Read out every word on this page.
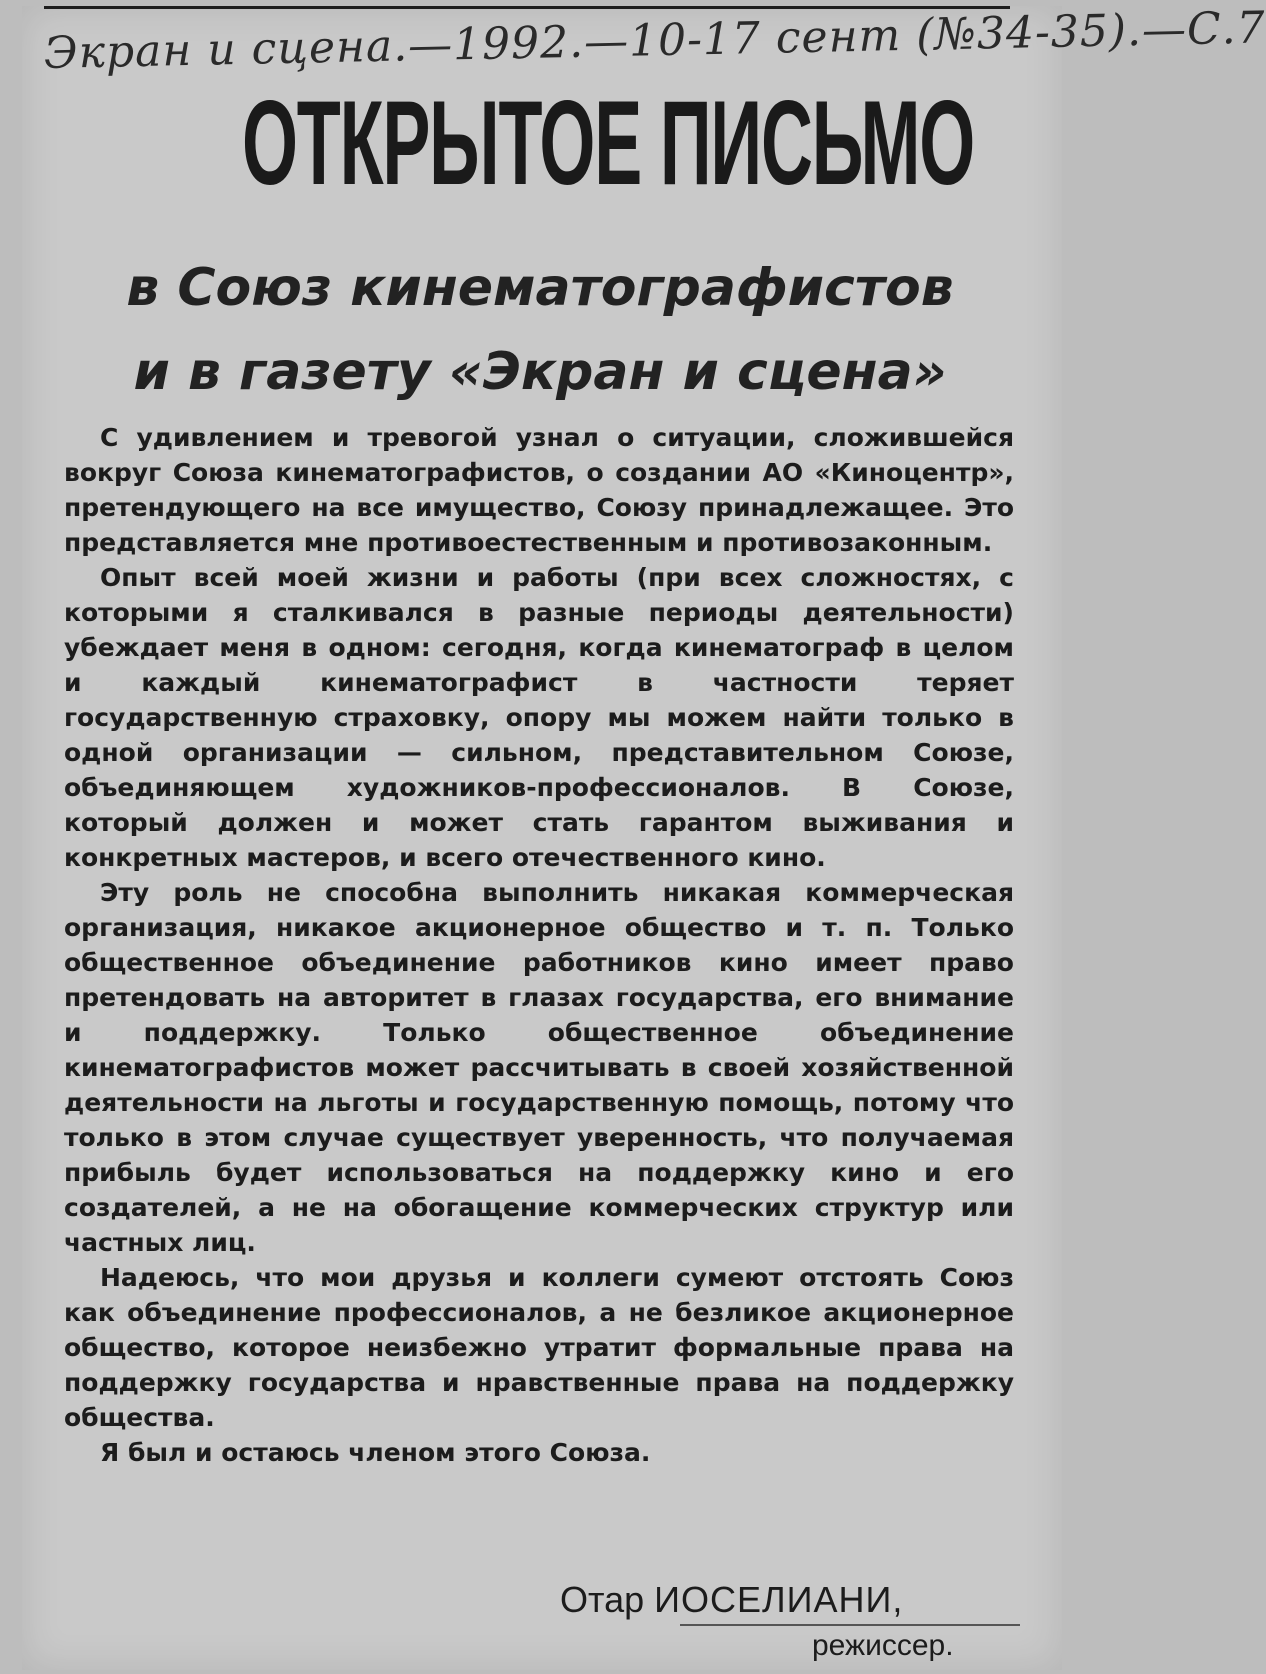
Экран и сцена.—1992.—10-17 сент (№34-35).—С.7
ОТКРЫТОЕ ПИСЬМО
в Союз кинематографистов
и в газету «Экран и сцена»

С удивлением и тревогой узнал о ситуации, сложившейся вокруг Союза кинематографистов, о создании АО «Киноцентр», претендующего на все имущество, Союзу принадлежащее. Это представляется мне противоестественным и противозаконным.

Опыт всей моей жизни и работы (при всех сложностях, с которыми я сталкивался в разные периоды деятельности) убеждает меня в одном: сегодня, когда кинематограф в целом и каждый кинематографист в частности теряет государственную страховку, опору мы можем найти только в одной организации — сильном, представительном Союзе, объединяющем художников-профессионалов. В Союзе, который должен и может стать гарантом выживания и конкретных мастеров, и всего отечественного кино.

Эту роль не способна выполнить никакая коммерческая организация, никакое акционерное общество и т. п. Только общественное объединение работников кино имеет право претендовать на авторитет в глазах государства, его внимание и поддержку. Только общественное объединение кинематографистов может рассчитывать в своей хозяйственной деятельности на льготы и государственную помощь, потому что только в этом случае существует уверенность, что получаемая прибыль будет использоваться на поддержку кино и его создателей, а не на обогащение коммерческих структур или частных лиц.

Надеюсь, что мои друзья и коллеги сумеют отстоять Союз как объединение профессионалов, а не безликое акционерное общество, которое неизбежно утратит формальные права на поддержку государства и нравственные права на поддержку общества.

Я был и остаюсь членом этого Союза.

Отар ИОСЕЛИАНИ,
режиссер.
